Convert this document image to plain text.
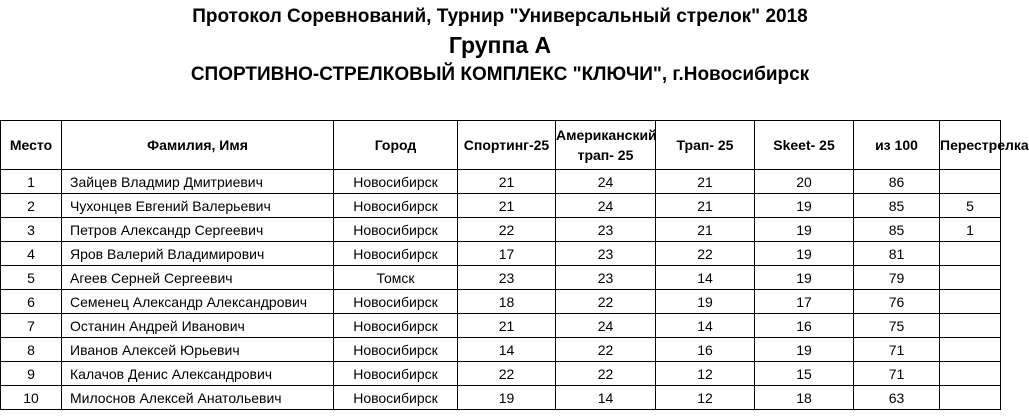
Протокол Соревнований, Турнир "Универсальный стрелок" 2018
Группа А
СПОРТИВНО-СТРЕЛКОВЫЙ КОМПЛЕКС "КЛЮЧИ", г.Новосибирск
Место	Фамилия, Имя	Город	Спортинг-25	Американский трап- 25	Трап- 25	Skeet- 25	из 100	Перестрелка
1	Зайцев Владмир Дмитриевич	Новосибирск	21	24	21	20	86	
2	Чухонцев Евгений Валерьевич	Новосибирск	21	24	21	19	85	5
3	Петров Александр Сергеевич	Новосибирск	22	23	21	19	85	1
4	Яров Валерий Владимирович	Новосибирск	17	23	22	19	81	
5	Агеев Серней Сергеевич	Томск	23	23	14	19	79	
6	Семенец Александр Александрович	Новосибирск	18	22	19	17	76	
7	Останин Андрей Иванович	Новосибирск	21	24	14	16	75	
8	Иванов Алексей Юрьевич	Новосибирск	14	22	16	19	71	
9	Калачов Денис Александрович	Новосибирск	22	22	12	15	71	
10	Милоснов Алексей Анатольевич	Новосибирск	19	14	12	18	63	
